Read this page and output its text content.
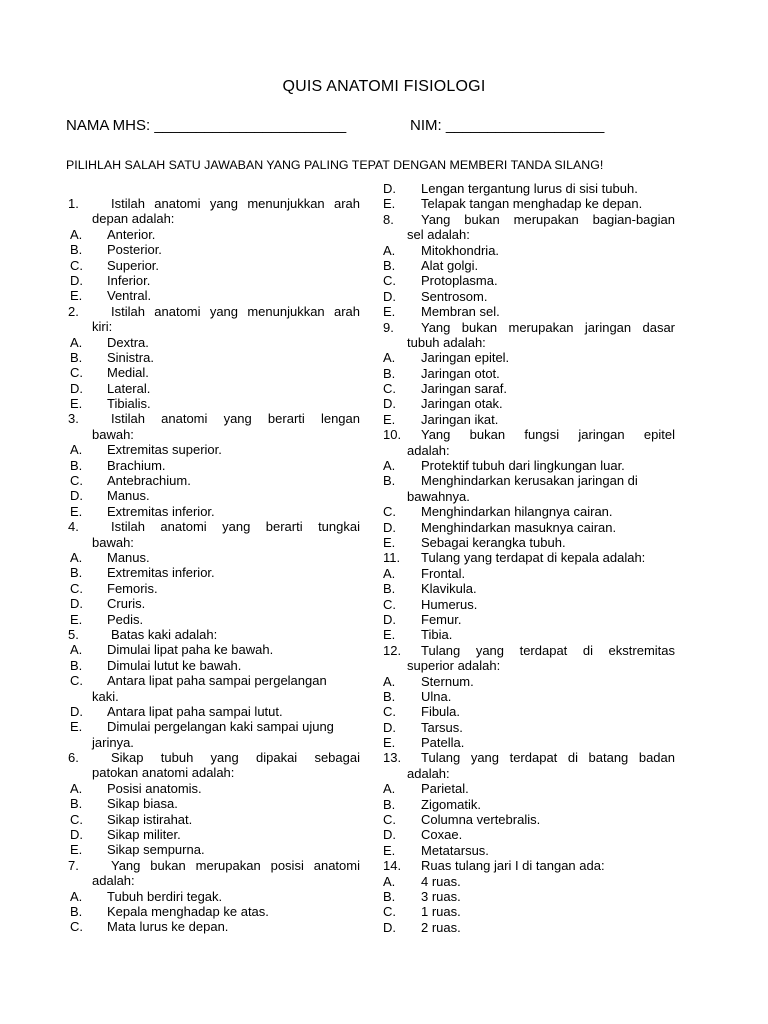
QUIS ANATOMI FISIOLOGI
NAMA MHS: _______________________	NIM: ___________________
PILIHLAH SALAH SATU JAWABAN YANG PALING TEPAT DENGAN MEMBERI TANDA SILANG!
1. Istilah anatomi yang menunjukkan arah
depan adalah:
A. Anterior.
B. Posterior.
C. Superior.
D. Inferior.
E. Ventral.
2. Istilah anatomi yang menunjukkan arah
kiri:
A. Dextra.
B. Sinistra.
C. Medial.
D. Lateral.
E. Tibialis.
3. Istilah anatomi yang berarti lengan
bawah:
A. Extremitas superior.
B. Brachium.
C. Antebrachium.
D. Manus.
E. Extremitas inferior.
4. Istilah anatomi yang berarti tungkai
bawah:
A. Manus.
B. Extremitas inferior.
C. Femoris.
D. Cruris.
E. Pedis.
5. Batas kaki adalah:
A. Dimulai lipat paha ke bawah.
B. Dimulai lutut ke bawah.
C. Antara lipat paha sampai pergelangan
kaki.
D. Antara lipat paha sampai lutut.
E. Dimulai pergelangan kaki sampai ujung
jarinya.
6. Sikap tubuh yang dipakai sebagai
patokan anatomi adalah:
A. Posisi anatomis.
B. Sikap biasa.
C. Sikap istirahat.
D. Sikap militer.
E. Sikap sempurna.
7. Yang bukan merupakan posisi anatomi
adalah:
A. Tubuh berdiri tegak.
B. Kepala menghadap ke atas.
C. Mata lurus ke depan.
D. Lengan tergantung lurus di sisi tubuh.
E. Telapak tangan menghadap ke depan.
8. Yang bukan merupakan bagian-bagian
sel adalah:
A. Mitokhondria.
B. Alat golgi.
C. Protoplasma.
D. Sentrosom.
E. Membran sel.
9. Yang bukan merupakan jaringan dasar
tubuh adalah:
A. Jaringan epitel.
B. Jaringan otot.
C. Jaringan saraf.
D. Jaringan otak.
E. Jaringan ikat.
10. Yang bukan fungsi jaringan epitel
adalah:
A. Protektif tubuh dari lingkungan luar.
B. Menghindarkan kerusakan jaringan di
bawahnya.
C. Menghindarkan hilangnya cairan.
D. Menghindarkan masuknya cairan.
E. Sebagai kerangka tubuh.
11. Tulang yang terdapat di kepala adalah:
A. Frontal.
B. Klavikula.
C. Humerus.
D. Femur.
E. Tibia.
12. Tulang yang terdapat di ekstremitas
superior adalah:
A. Sternum.
B. Ulna.
C. Fibula.
D. Tarsus.
E. Patella.
13. Tulang yang terdapat di batang badan
adalah:
A. Parietal.
B. Zigomatik.
C. Columna vertebralis.
D. Coxae.
E. Metatarsus.
14. Ruas tulang jari I di tangan ada:
A. 4 ruas.
B. 3 ruas.
C. 1 ruas.
D. 2 ruas.
